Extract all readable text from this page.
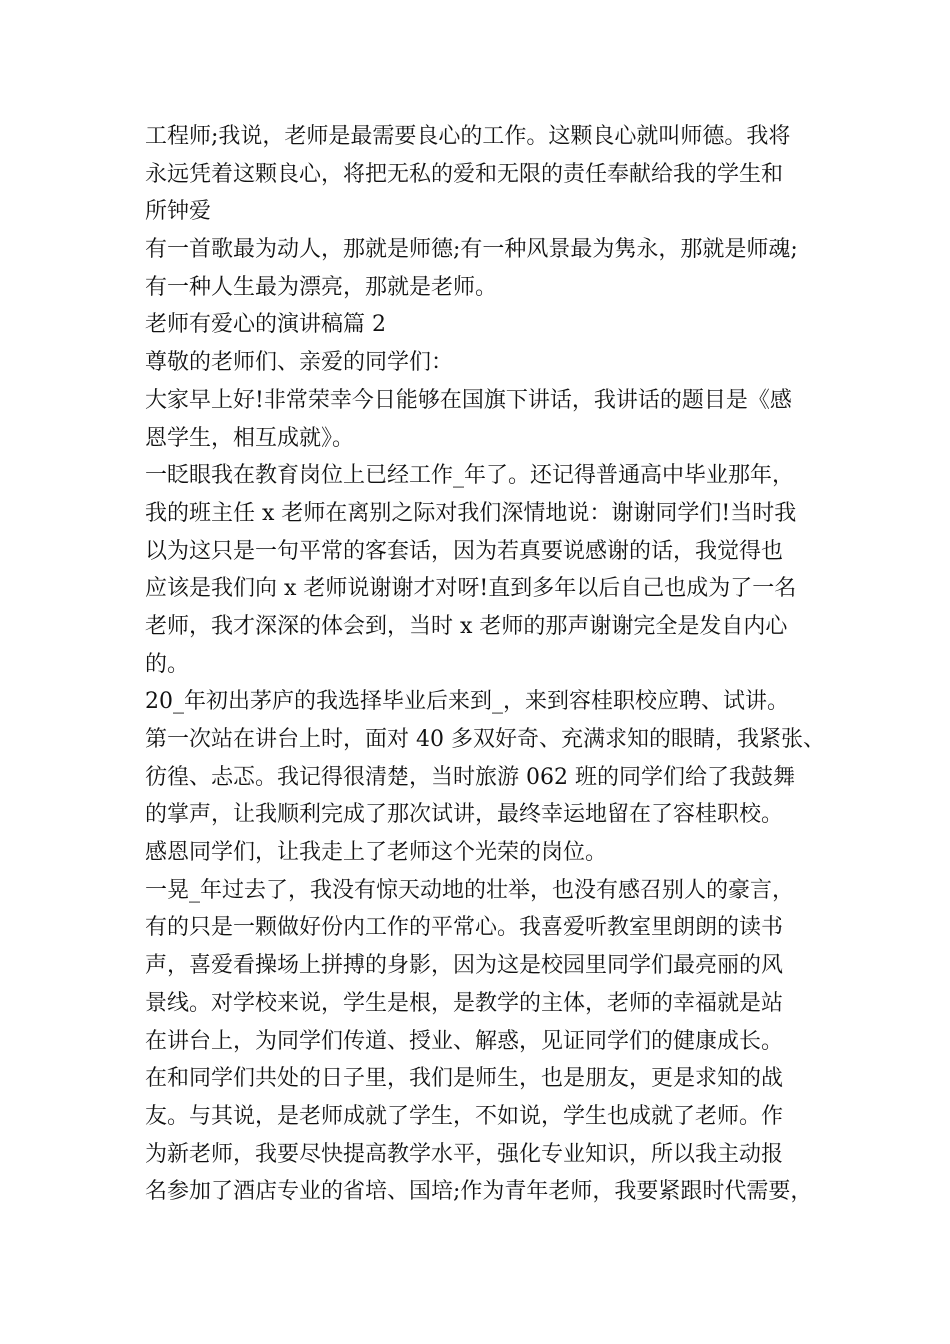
工程师;我说，老师是最需要良心的工作。这颗良心就叫师德。我将
永远凭着这颗良心，将把无私的爱和无限的责任奉献给我的学生和
所钟爱
有一首歌最为动人，那就是师德;有一种风景最为隽永，那就是师魂;
有一种人生最为漂亮，那就是老师。
老师有爱心的演讲稿篇 2
尊敬的老师们、亲爱的同学们：
大家早上好!非常荣幸今日能够在国旗下讲话，我讲话的题目是《感
恩学生，相互成就》。
一眨眼我在教育岗位上已经工作_年了。还记得普通高中毕业那年，
我的班主任 x 老师在离别之际对我们深情地说：谢谢同学们!当时我
以为这只是一句平常的客套话，因为若真要说感谢的话，我觉得也
应该是我们向 x 老师说谢谢才对呀!直到多年以后自己也成为了一名
老师，我才深深的体会到，当时 x 老师的那声谢谢完全是发自内心
的。
20_年初出茅庐的我选择毕业后来到_，来到容桂职校应聘、试讲。
第一次站在讲台上时，面对 40 多双好奇、充满求知的眼睛，我紧张、
彷徨、忐忑。我记得很清楚，当时旅游 062 班的同学们给了我鼓舞
的掌声，让我顺利完成了那次试讲，最终幸运地留在了容桂职校。
感恩同学们，让我走上了老师这个光荣的岗位。
一晃_年过去了，我没有惊天动地的壮举，也没有感召别人的豪言，
有的只是一颗做好份内工作的平常心。我喜爱听教室里朗朗的读书
声，喜爱看操场上拼搏的身影，因为这是校园里同学们最亮丽的风
景线。对学校来说，学生是根，是教学的主体，老师的幸福就是站
在讲台上，为同学们传道、授业、解惑，见证同学们的健康成长。
在和同学们共处的日子里，我们是师生，也是朋友，更是求知的战
友。与其说，是老师成就了学生，不如说，学生也成就了老师。作
为新老师，我要尽快提高教学水平，强化专业知识，所以我主动报
名参加了酒店专业的省培、国培;作为青年老师，我要紧跟时代需要，
